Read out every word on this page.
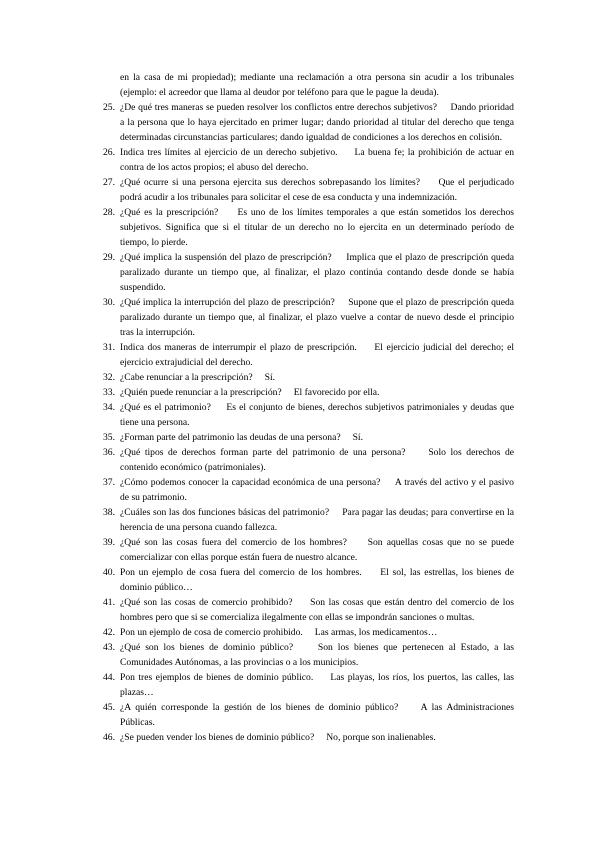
en la casa de mi propiedad); mediante una reclamación a otra persona sin acudir a los tribunales (ejemplo: el acreedor que llama al deudor por teléfono para que le pague la deuda).
25. ¿De qué tres maneras se pueden resolver los conflictos entre derechos subjetivos? Dando prioridad a la persona que lo haya ejercitado en primer lugar; dando prioridad al titular del derecho que tenga determinadas circunstancias particulares; dando igualdad de condiciones a los derechos en colisión.
26. Indica tres límites al ejercicio de un derecho subjetivo. La buena fe; la prohibición de actuar en contra de los actos propios; el abuso del derecho.
27. ¿Qué ocurre si una persona ejercita sus derechos sobrepasando los límites? Que el perjudicado podrá acudir a los tribunales para solicitar el cese de esa conducta y una indemnización.
28. ¿Qué es la prescripción? Es uno de los límites temporales a que están sometidos los derechos subjetivos. Significa que si el titular de un derecho no lo ejercita en un determinado período de tiempo, lo pierde.
29. ¿Qué implica la suspensión del plazo de prescripción? Implica que el plazo de prescripción queda paralizado durante un tiempo que, al finalizar, el plazo continúa contando desde donde se había suspendido.
30. ¿Qué implica la interrupción del plazo de prescripción? Supone que el plazo de prescripción queda paralizado durante un tiempo que, al finalizar, el plazo vuelve a contar de nuevo desde el principio tras la interrupción.
31. Indica dos maneras de interrumpir el plazo de prescripción. El ejercicio judicial del derecho; el ejercicio extrajudicial del derecho.
32. ¿Cabe renunciar a la prescripción? Sí.
33. ¿Quién puede renunciar a la prescripción? El favorecido por ella.
34. ¿Qué es el patrimonio? Es el conjunto de bienes, derechos subjetivos patrimoniales y deudas que tiene una persona.
35. ¿Forman parte del patrimonio las deudas de una persona? Sí.
36. ¿Qué tipos de derechos forman parte del patrimonio de una persona? Solo los derechos de contenido económico (patrimoniales).
37. ¿Cómo podemos conocer la capacidad económica de una persona? A través del activo y el pasivo de su patrimonio.
38. ¿Cuáles son las dos funciones básicas del patrimonio? Para pagar las deudas; para convertirse en la herencia de una persona cuando fallezca.
39. ¿Qué son las cosas fuera del comercio de los hombres? Son aquellas cosas que no se puede comercializar con ellas porque están fuera de nuestro alcance.
40. Pon un ejemplo de cosa fuera del comercio de los hombres. El sol, las estrellas, los bienes de dominio público…
41. ¿Qué son las cosas de comercio prohibido? Son las cosas que están dentro del comercio de los hombres pero que si se comercializa ilegalmente con ellas se impondrán sanciones o multas.
42. Pon un ejemplo de cosa de comercio prohibido. Las armas, los medicamentos…
43. ¿Qué son los bienes de dominio público?	Son los bienes que pertenecen al Estado, a las Comunidades Autónomas, a las provincias o a los municipios.
44. Pon tres ejemplos de bienes de dominio público. Las playas, los ríos, los puertos, las calles, las plazas…
45. ¿A quién corresponde la gestión de los bienes de dominio público? A las Administraciones Públicas.
46. ¿Se pueden vender los bienes de dominio público? No, porque son inalienables.
